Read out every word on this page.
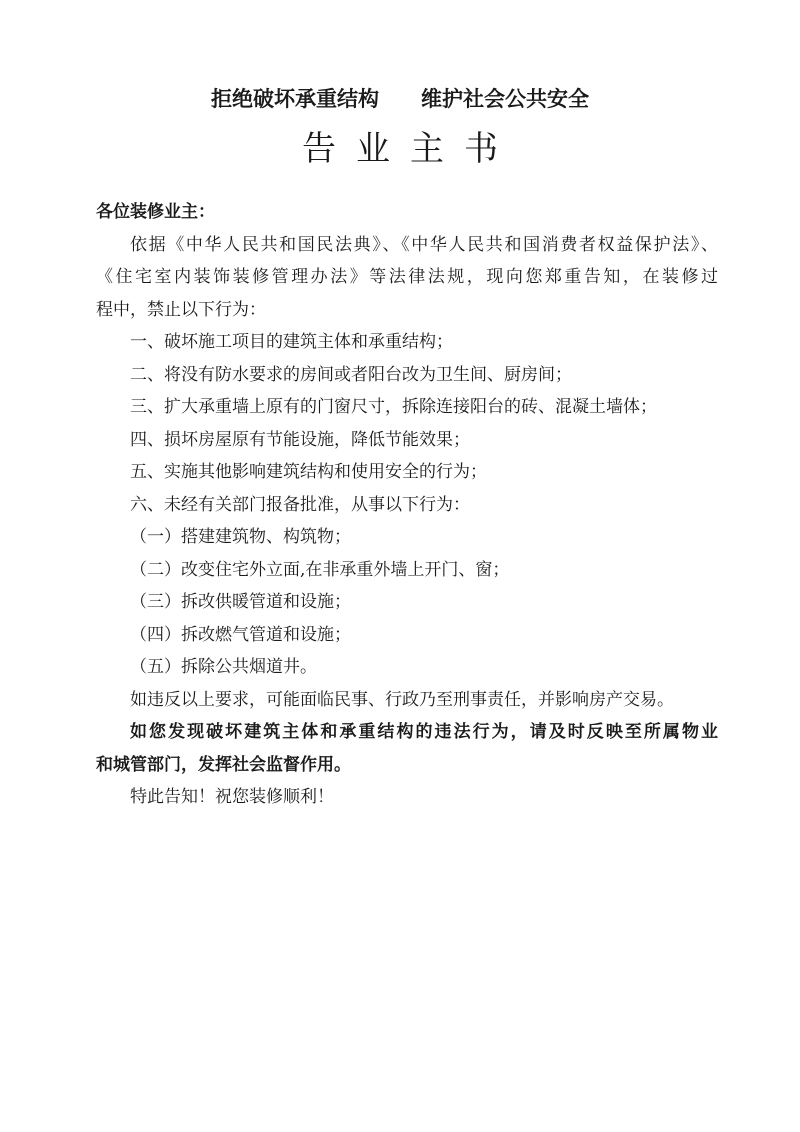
拒绝破坏承重结构　　维护社会公共安全
告业主书
各位装修业主：
依据《中华人民共和国民法典》、《中华人民共和国消费者权益保护法》、
《住宅室内装饰装修管理办法》等法律法规，现向您郑重告知，在装修过
程中，禁止以下行为：
一、破坏施工项目的建筑主体和承重结构；
二、将没有防水要求的房间或者阳台改为卫生间、厨房间；
三、扩大承重墙上原有的门窗尺寸，拆除连接阳台的砖、混凝土墙体；
四、损坏房屋原有节能设施，降低节能效果；
五、实施其他影响建筑结构和使用安全的行为；
六、未经有关部门报备批准，从事以下行为：
（一）搭建建筑物、构筑物；
（二）改变住宅外立面,在非承重外墙上开门、窗；
（三）拆改供暖管道和设施；
（四）拆改燃气管道和设施；
（五）拆除公共烟道井。
如违反以上要求，可能面临民事、行政乃至刑事责任，并影响房产交易。
如您发现破坏建筑主体和承重结构的违法行为，请及时反映至所属物业
和城管部门，发挥社会监督作用。
特此告知！祝您装修顺利！
